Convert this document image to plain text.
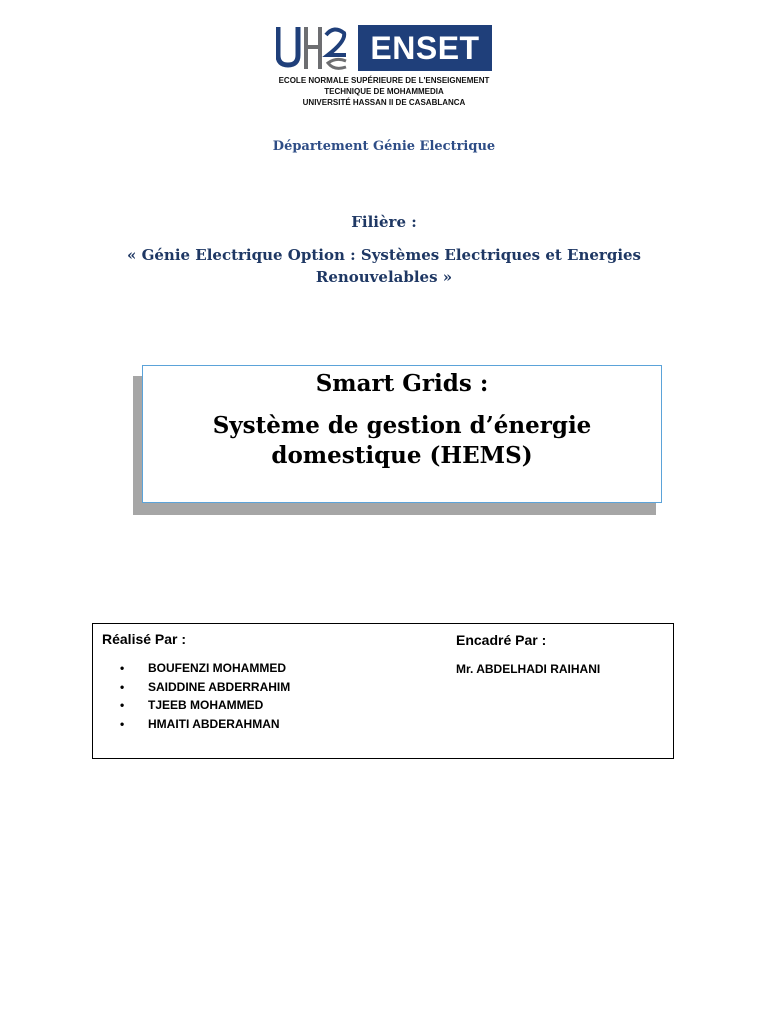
ENSET
ECOLE NORMALE SUPÉRIEURE DE L'ENSEIGNEMENT
TECHNIQUE DE MOHAMMEDIA
UNIVERSITÉ HASSAN II DE CASABLANCA
Département Génie Electrique
Filière :
« Génie Electrique Option : Systèmes Electriques et Energies Renouvelables »
Smart Grids :
Système de gestion d’énergie domestique (HEMS)
Réalisé Par :
• BOUFENZI MOHAMMED
• SAIDDINE ABDERRAHIM
• TJEEB MOHAMMED
• HMAITI ABDERAHMAN
Encadré Par :
Mr. ABDELHADI RAIHANI
